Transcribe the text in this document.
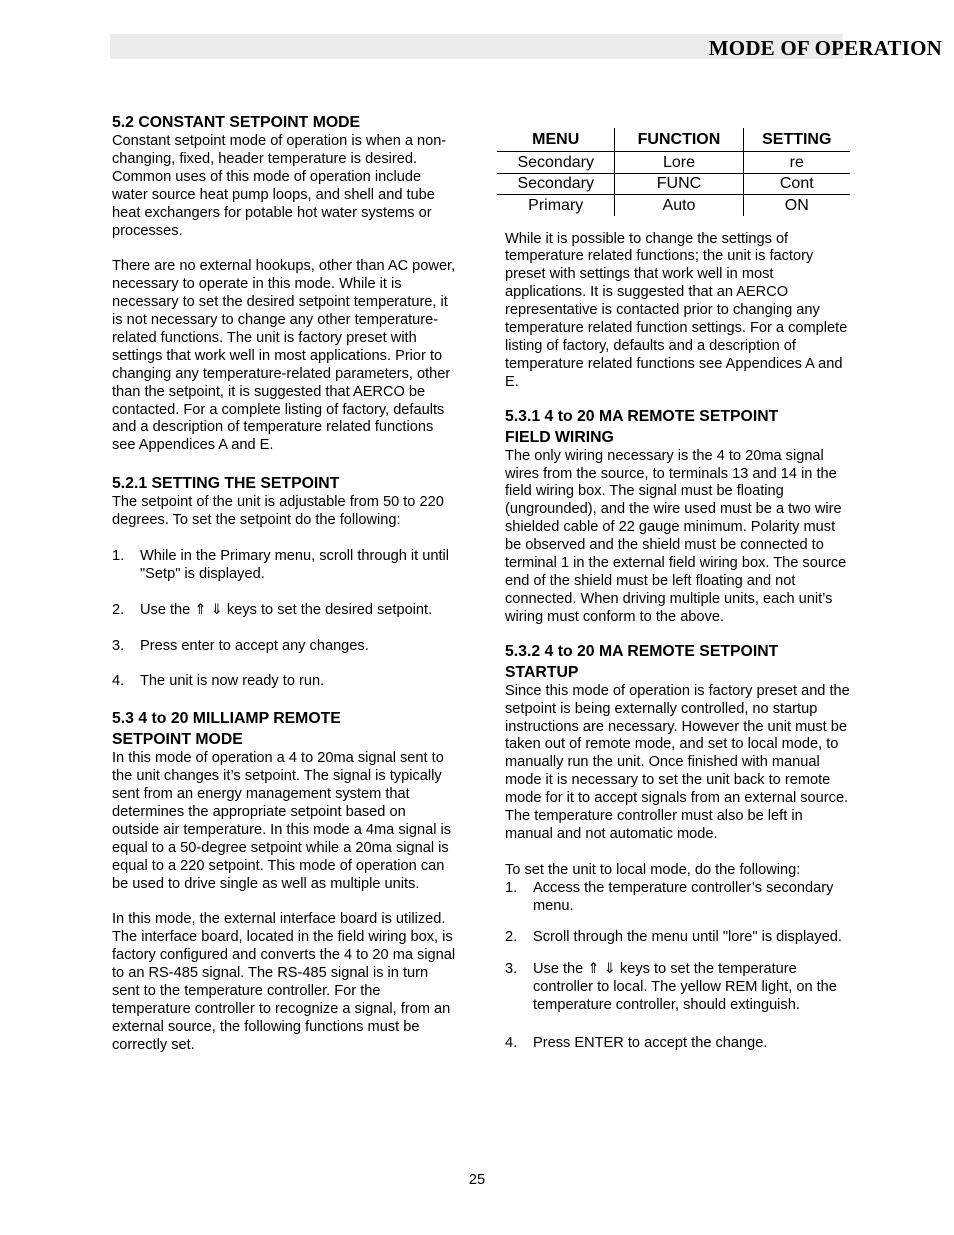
MODE OF OPERATION
5.2 CONSTANT SETPOINT MODE

Constant setpoint mode of operation is when a non-changing, fixed, header temperature is desired. Common uses of this mode of operation include water source heat pump loops, and shell and tube heat exchangers for potable hot water systems or processes.

There are no external hookups, other than AC power, necessary to operate in this mode. While it is necessary to set the desired setpoint temperature, it is not necessary to change any other temperature-related functions. The unit is factory preset with settings that work well in most applications. Prior to changing any temperature-related parameters, other than the setpoint, it is suggested that AERCO be contacted. For a complete listing of factory, defaults and a description of temperature related functions see Appendices A and E.

5.2.1 SETTING THE SETPOINT

The setpoint of the unit is adjustable from 50 to 220 degrees. To set the setpoint do the following:

1.	While in the Primary menu, scroll through it until "Setp" is displayed.
2.	Use the ⇑ ⇓ keys to set the desired setpoint.
3.	Press enter to accept any changes.
4.	The unit is now ready to run.
5.3 4 to 20 MILLIAMP REMOTE
SETPOINT MODE

In this mode of operation a 4 to 20ma signal sent to the unit changes it’s setpoint. The signal is typically sent from an energy management system that determines the appropriate setpoint based on outside air temperature. In this mode a 4ma signal is equal to a 50-degree setpoint while a 20ma signal is equal to a 220 setpoint. This mode of operation can be used to drive single as well as multiple units.

In this mode, the external interface board is utilized. The interface board, located in the field wiring box, is factory configured and converts the 4 to 20 ma signal to an RS-485 signal. The RS-485 signal is in turn sent to the temperature controller. For the temperature controller to recognize a signal, from an external source, the following functions must be correctly set.

MENU	FUNCTION	SETTING
Secondary	Lore	re
Secondary	FUNC	Cont
Primary	Auto	ON

While it is possible to change the settings of temperature related functions; the unit is factory preset with settings that work well in most applications. It is suggested that an AERCO representative is contacted prior to changing any temperature related function settings. For a complete listing of factory, defaults and a description of temperature related functions see Appendices A and E.

5.3.1 4 to 20 MA REMOTE SETPOINT
FIELD WIRING

The only wiring necessary is the 4 to 20ma signal wires from the source, to terminals 13 and 14 in the field wiring box. The signal must be floating (ungrounded), and the wire used must be a two wire shielded cable of 22 gauge minimum. Polarity must be observed and the shield must be connected to terminal 1 in the external field wiring box. The source end of the shield must be left floating and not connected. When driving multiple units, each unit’s wiring must conform to the above.

5.3.2 4 to 20 MA REMOTE SETPOINT
STARTUP

Since this mode of operation is factory preset and the setpoint is being externally controlled, no startup instructions are necessary. However the unit must be taken out of remote mode, and set to local mode, to manually run the unit. Once finished with manual mode it is necessary to set the unit back to remote mode for it to accept signals from an external source. The temperature controller must also be left in manual and not automatic mode.

To set the unit to local mode, do the following:

1.	Access the temperature controller’s secondary menu.
2.	Scroll through the menu until "lore" is displayed.
3.	Use the ⇑ ⇓ keys to set the temperature controller to local. The yellow REM light, on the temperature controller, should extinguish.
4.	Press ENTER to accept the change.
25
